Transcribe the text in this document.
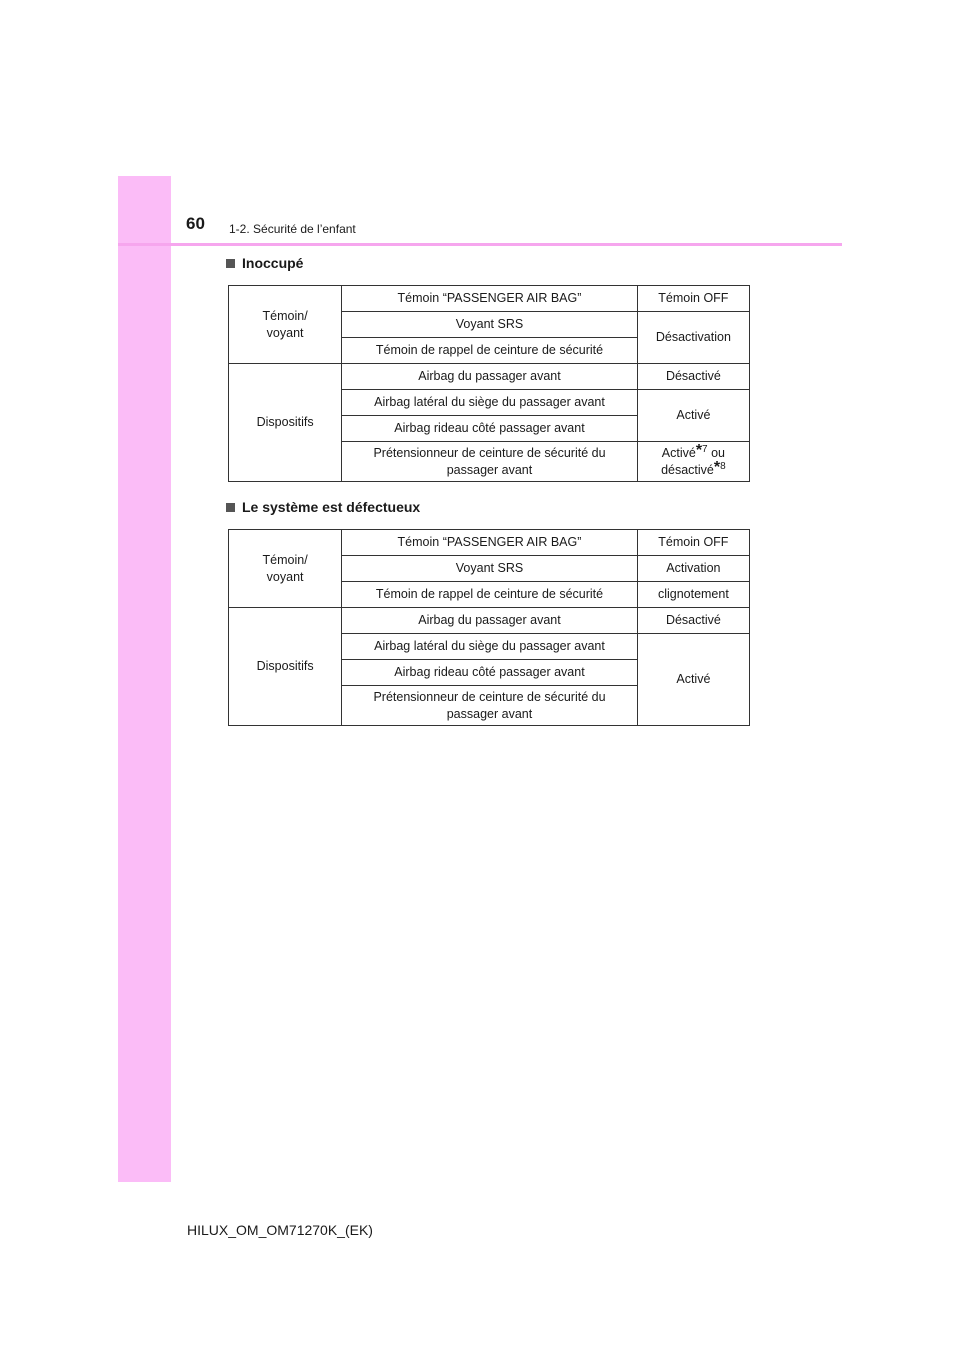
60 1-2. Sécurité de l’enfant
Inoccupé
Témoin/
voyant	Témoin “PASSENGER AIR BAG”	Témoin OFF
	Voyant SRS	Désactivation
	Témoin de rappel de ceinture de sécurité	
Dispositifs	Airbag du passager avant	Désactivé
	Airbag latéral du siège du passager avant	Activé
	Airbag rideau côté passager avant	
	Prétensionneur de ceinture de sécurité du passager avant	Activé*$^7$ ou
désactivé*$^8$
Le système est défectueux
Témoin/
voyant	Témoin “PASSENGER AIR BAG”	Témoin OFF
	Voyant SRS	Activation
	Témoin de rappel de ceinture de sécurité	clignotement
Dispositifs	Airbag du passager avant	Désactivé
	Airbag latéral du siège du passager avant	Activé
	Airbag rideau côté passager avant	
	Prétensionneur de ceinture de sécurité du passager avant	
HILUX_OM_OM71270K_(EK)
